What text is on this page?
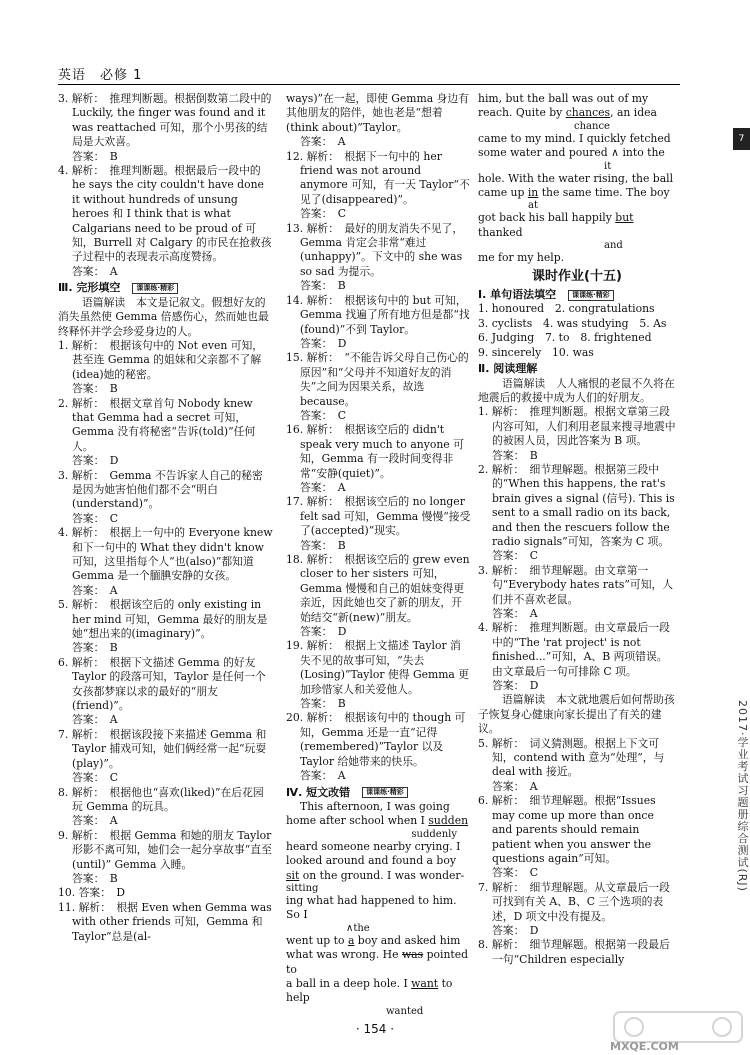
英语　必修 1

3. 解析：　推理判断题。根据倒数第二段中的 Luckily, the finger was found and it was reattached 可知，那个小男孩的结局是大欢喜。

答案：　B

4. 解析：　推理判断题。根据最后一段中的 he says the city couldn't have done it without hundreds of unsung heroes 和 I think that is what Calgarians need to be proud of 可知，Burrell 对 Calgary 的市民在抢救孩子过程中的表现表示高度赞扬。

答案：　A

Ⅲ. 完形填空 课课练·精彩

语篇解读　本文是记叙文。假想好友的消失虽然使 Gemma 倍感伤心，然而她也最终释怀并学会珍爱身边的人。

1. 解析：　根据该句中的 Not even 可知，甚至连 Gemma 的姐妹和父亲都不了解(idea)她的秘密。

答案：　B

2. 解析：　根据文章首句 Nobody knew that Gemma had a secret 可知，Gemma 没有将秘密“告诉(told)”任何人。

答案：　D

3. 解析：　Gemma 不告诉家人自己的秘密是因为她害怕他们都不会“明白(understand)”。

答案：　C

4. 解析：　根据上一句中的 Everyone knew 和下一句中的 What they didn't know 可知，这里指每个人“也(also)”都知道 Gemma 是一个腼腆安静的女孩。

答案：　A

5. 解析：　根据该空后的 only existing in her mind 可知，Gemma 最好的朋友是她“想出来的(imaginary)”。

答案：　B

6. 解析：　根据下文描述 Gemma 的好友 Taylor 的段落可知，Taylor 是任何一个女孩都梦寐以求的最好的“朋友(friend)”。

答案：　A

7. 解析：　根据该段接下来描述 Gemma 和 Taylor 捕戏可知，她们俩经常一起“玩耍(play)”。

答案：　C

8. 解析：　根据他也“喜欢(liked)”在后花园玩 Gemma 的玩具。

答案：　A

9. 解析：　根据 Gemma 和她的朋友 Taylor 形影不离可知，她们会一起分享故事“直至(until)” Gemma 入睡。

答案：　B

10. 答案：　D

11. 解析：　根据 Even when Gemma was with other friends 可知，Gemma 和 Taylor“总是(al-

ways)”在一起，即使 Gemma 身边有其他朋友的陪伴，她也老是“想着(think about)”Taylor。

答案：　A

12. 解析：　根据下一句中的 her friend was not around anymore 可知，有一天 Taylor“不见了(disappeared)”。

答案：　C

13. 解析：　最好的朋友消失不见了，Gemma 肯定会非常“难过(unhappy)”。下文中的 she was so sad 为提示。

答案：　B

14. 解析：　根据该句中的 but 可知，Gemma 找遍了所有地方但是都“找(found)”不到 Taylor。

答案：　D

15. 解析：　“不能告诉父母自己伤心的原因”和“父母并不知道好友的消失”之间为因果关系，故选 because。

答案：　C

16. 解析：　根据该空后的 didn't speak very much to anyone 可知，Gemma 有一段时间变得非常“安静(quiet)”。

答案：　A

17. 解析：　根据该空后的 no longer felt sad 可知，Gemma 慢慢“接受了(accepted)”现实。

答案：　B

18. 解析：　根据该空后的 grew even closer to her sisters 可知，Gemma 慢慢和自己的姐妹变得更亲近，因此她也交了新的朋友，开始结交“新(new)”朋友。

答案：　D

19. 解析：　根据上文描述 Taylor 消失不见的故事可知，“失去(Losing)”Taylor 使得 Gemma 更加珍惜家人和关爱他人。

答案：　B

20. 解析：　根据该句中的 though 可知，Gemma 还是一直“记得(remembered)”Taylor 以及 Taylor 给她带来的快乐。

答案：　A

Ⅳ. 短文改错 课课练·精彩

This afternoon, I was going

home after school when I sudden

suddenly

heard someone nearby crying. I

looked around and found a boy

sit on the ground. I was wonder-

sitting

ing what had happened to him. So I

∧the

went up to a boy and asked him

what was wrong. He was pointed to

a ball in a deep hole. I want to help

wanted

him, but the ball was out of my

reach. Quite by chances, an idea

chance

came to my mind. I quickly fetched

some water and poured ∧ into the

it

hole. With the water rising, the ball

came up in the same time. The boy

at

got back his ball happily but thanked

and

me for my help.

课时作业(十五)

Ⅰ. 单句语法填空 课课练·精彩

1. honoured　2. congratulations

3. cyclists　4. was studying　5. As

6. Judging　7. to　8. frightened

9. sincerely　10. was

Ⅱ. 阅读理解

语篇解读　人人痛恨的老鼠不久将在地震后的救援中成为人们的好朋友。

1. 解析：　推理判断题。根据文章第三段内容可知，人们利用老鼠来搜寻地震中的被困人员，因此答案为 B 项。

答案：　B

2. 解析：　细节理解题。根据第三段中的“When this happens, the rat's brain gives a signal (信号). This is sent to a small radio on its back, and then the rescuers follow the radio signals”可知，答案为 C 项。

答案：　C

3. 解析：　细节理解题。由文章第一句“Everybody hates rats”可知，人们并不喜欢老鼠。

答案：　A

4. 解析：　推理判断题。由文章最后一段中的“The 'rat project' is not finished...”可知，A、B 两项错误。由文章最后一句可排除 C 项。

答案：　D

语篇解读　本文就地震后如何帮助孩子恢复身心健康向家长提出了有关的建议。

5. 解析：　词义猜测题。根据上下文可知，contend with 意为“处理”，与 deal with 接近。

答案：　A

6. 解析：　细节理解题。根据“Issues may come up more than once and parents should remain patient when you answer the questions again”可知。

答案：　C

7. 解析：　细节理解题。从文章最后一段可找到有关 A、B、C 三个选项的表述，D 项文中没有提及。

答案：　D

8. 解析：　细节理解题。根据第一段最后一句“Children especially

7
2017·学业考试习题册综合测试(RJ)
· 154 ·
MXQE.COM
